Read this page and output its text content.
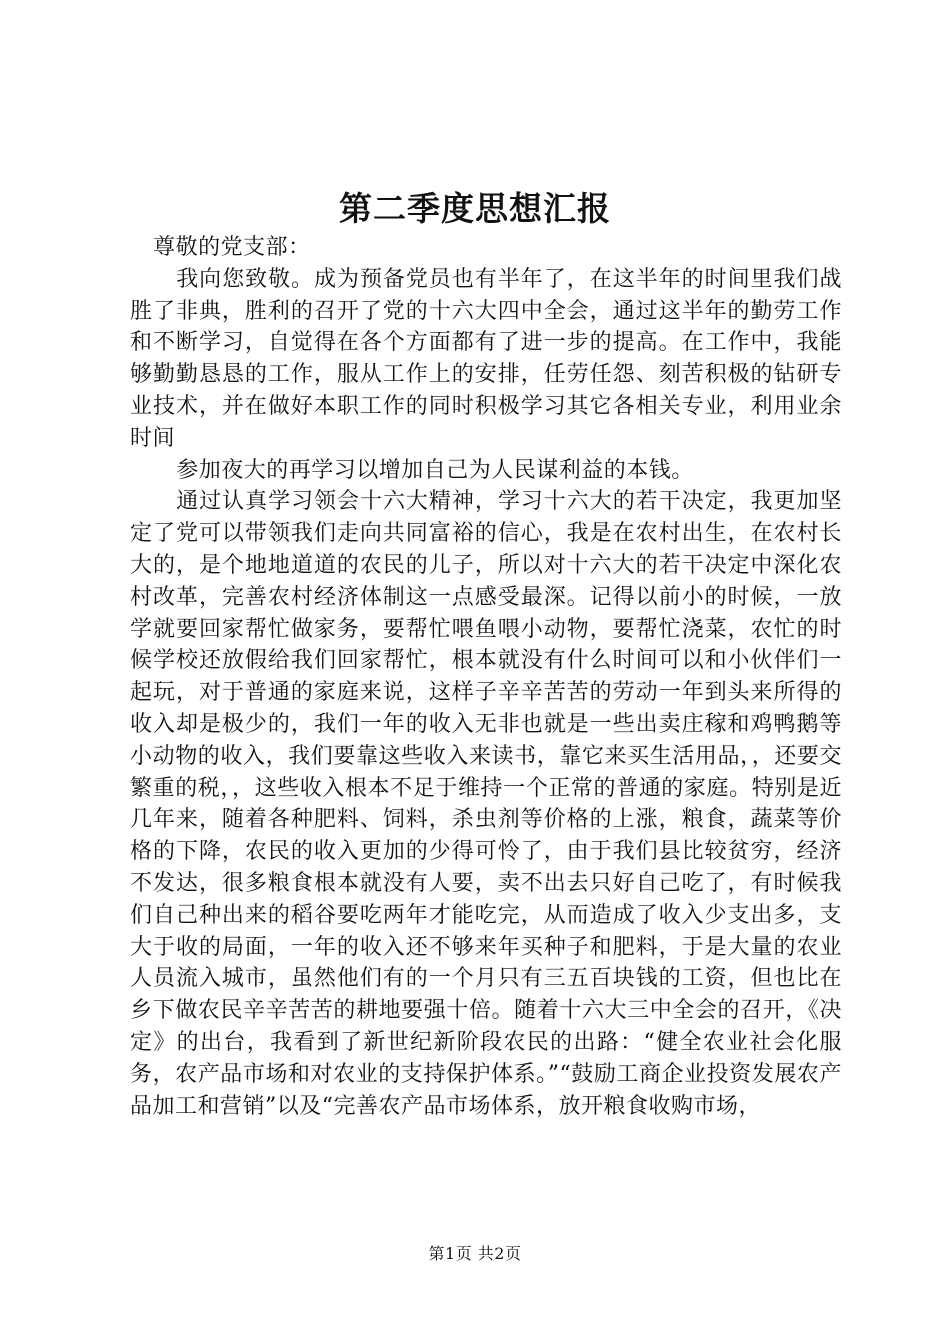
第二季度思想汇报

尊敬的党支部：

我向您致敬。成为预备党员也有半年了，在这半年的时间里我们战胜了非典，胜利的召开了党的十六大四中全会，通过这半年的勤劳工作和不断学习，自觉得在各个方面都有了进一步的提高。在工作中，我能够勤勤恳恳的工作，服从工作上的安排，任劳任怨、刻苦积极的钻研专业技术，并在做好本职工作的同时积极学习其它各相关专业，利用业余时间

参加夜大的再学习以增加自己为人民谋利益的本钱。

通过认真学习领会十六大精神，学习十六大的若干决定，我更加坚定了党可以带领我们走向共同富裕的信心，我是在农村出生，在农村长大的，是个地地道道的农民的儿子，所以对十六大的若干决定中深化农村改革，完善农村经济体制这一点感受最深。记得以前小的时候，一放学就要回家帮忙做家务，要帮忙喂鱼喂小动物，要帮忙浇菜，农忙的时候学校还放假给我们回家帮忙，根本就没有什么时间可以和小伙伴们一起玩，对于普通的家庭来说，这样子辛辛苦苦的劳动一年到头来所得的收入却是极少的，我们一年的收入无非也就是一些出卖庄稼和鸡鸭鹅等小动物的收入，我们要靠这些收入来读书，靠它来买生活用品，，还要交繁重的税，，这些收入根本不足于维持一个正常的普通的家庭。特别是近几年来，随着各种肥料、饲料，杀虫剂等价格的上涨，粮食，蔬菜等价格的下降，农民的收入更加的少得可怜了，由于我们县比较贫穷，经济不发达，很多粮食根本就没有人要，卖不出去只好自己吃了，有时候我们自己种出来的稻谷要吃两年才能吃完，从而造成了收入少支出多，支大于收的局面，一年的收入还不够来年买种子和肥料，于是大量的农业人员流入城市，虽然他们有的一个月只有三五百块钱的工资，但也比在乡下做农民辛辛苦苦的耕地要强十倍。随着十六大三中全会的召开，《决定》的出台，我看到了新世纪新阶段农民的出路：“健全农业社会化服务，农产品市场和对农业的支持保护体系。”“鼓励工商企业投资发展农产品加工和营销”以及“完善农产品市场体系，放开粮食收购市场，

第1页 共2页
